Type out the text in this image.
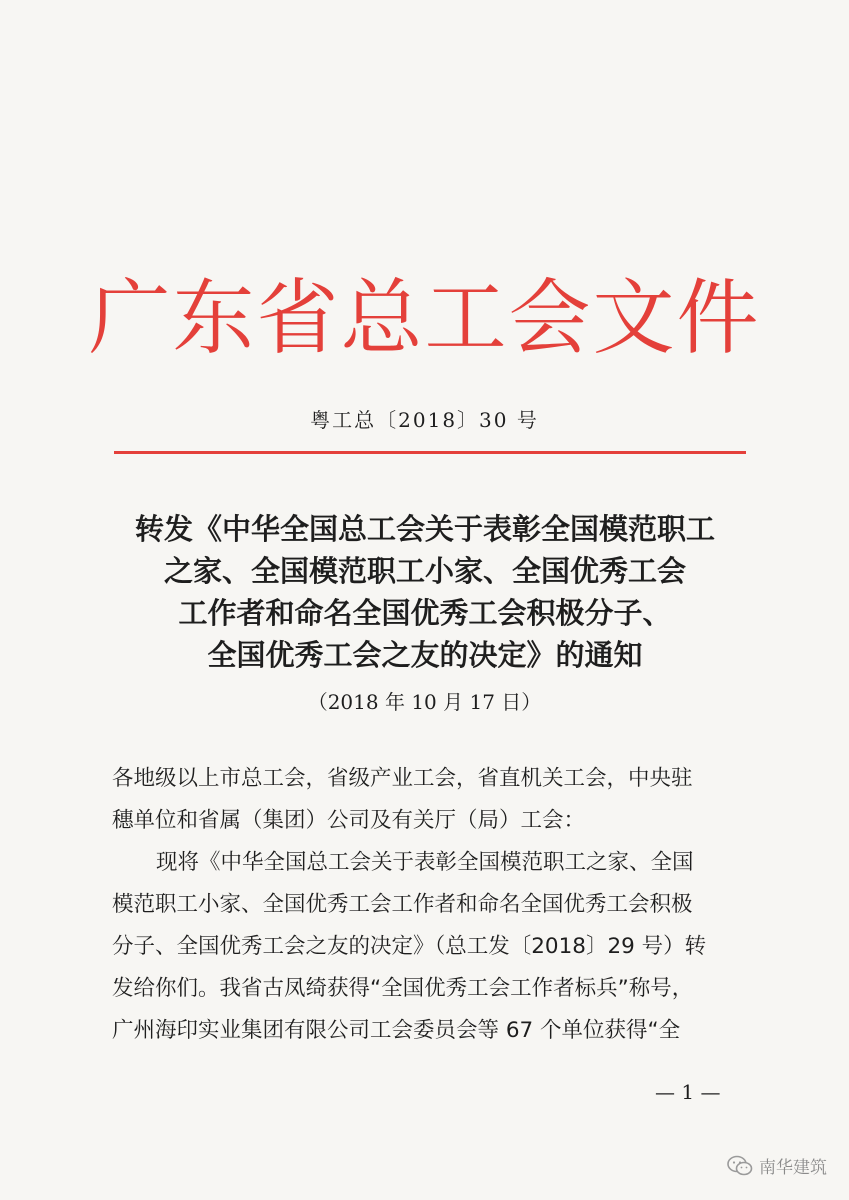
广东省总工会文件
粤工总〔2018〕30 号
转发《中华全国总工会关于表彰全国模范职工
之家、全国模范职工小家、全国优秀工会
工作者和命名全国优秀工会积极分子、
全国优秀工会之友的决定》的通知
（2018 年 10 月 17 日）
各地级以上市总工会，省级产业工会，省直机关工会，中央驻
穗单位和省属（集团）公司及有关厅（局）工会：
现将《中华全国总工会关于表彰全国模范职工之家、全国
模范职工小家、全国优秀工会工作者和命名全国优秀工会积极
分子、全国优秀工会之友的决定》（总工发〔2018〕29 号）转
发给你们。我省古凤绮获得“全国优秀工会工作者标兵”称号，
广州海印实业集团有限公司工会委员会等 67 个单位获得“全
— 1 —
南华建筑
